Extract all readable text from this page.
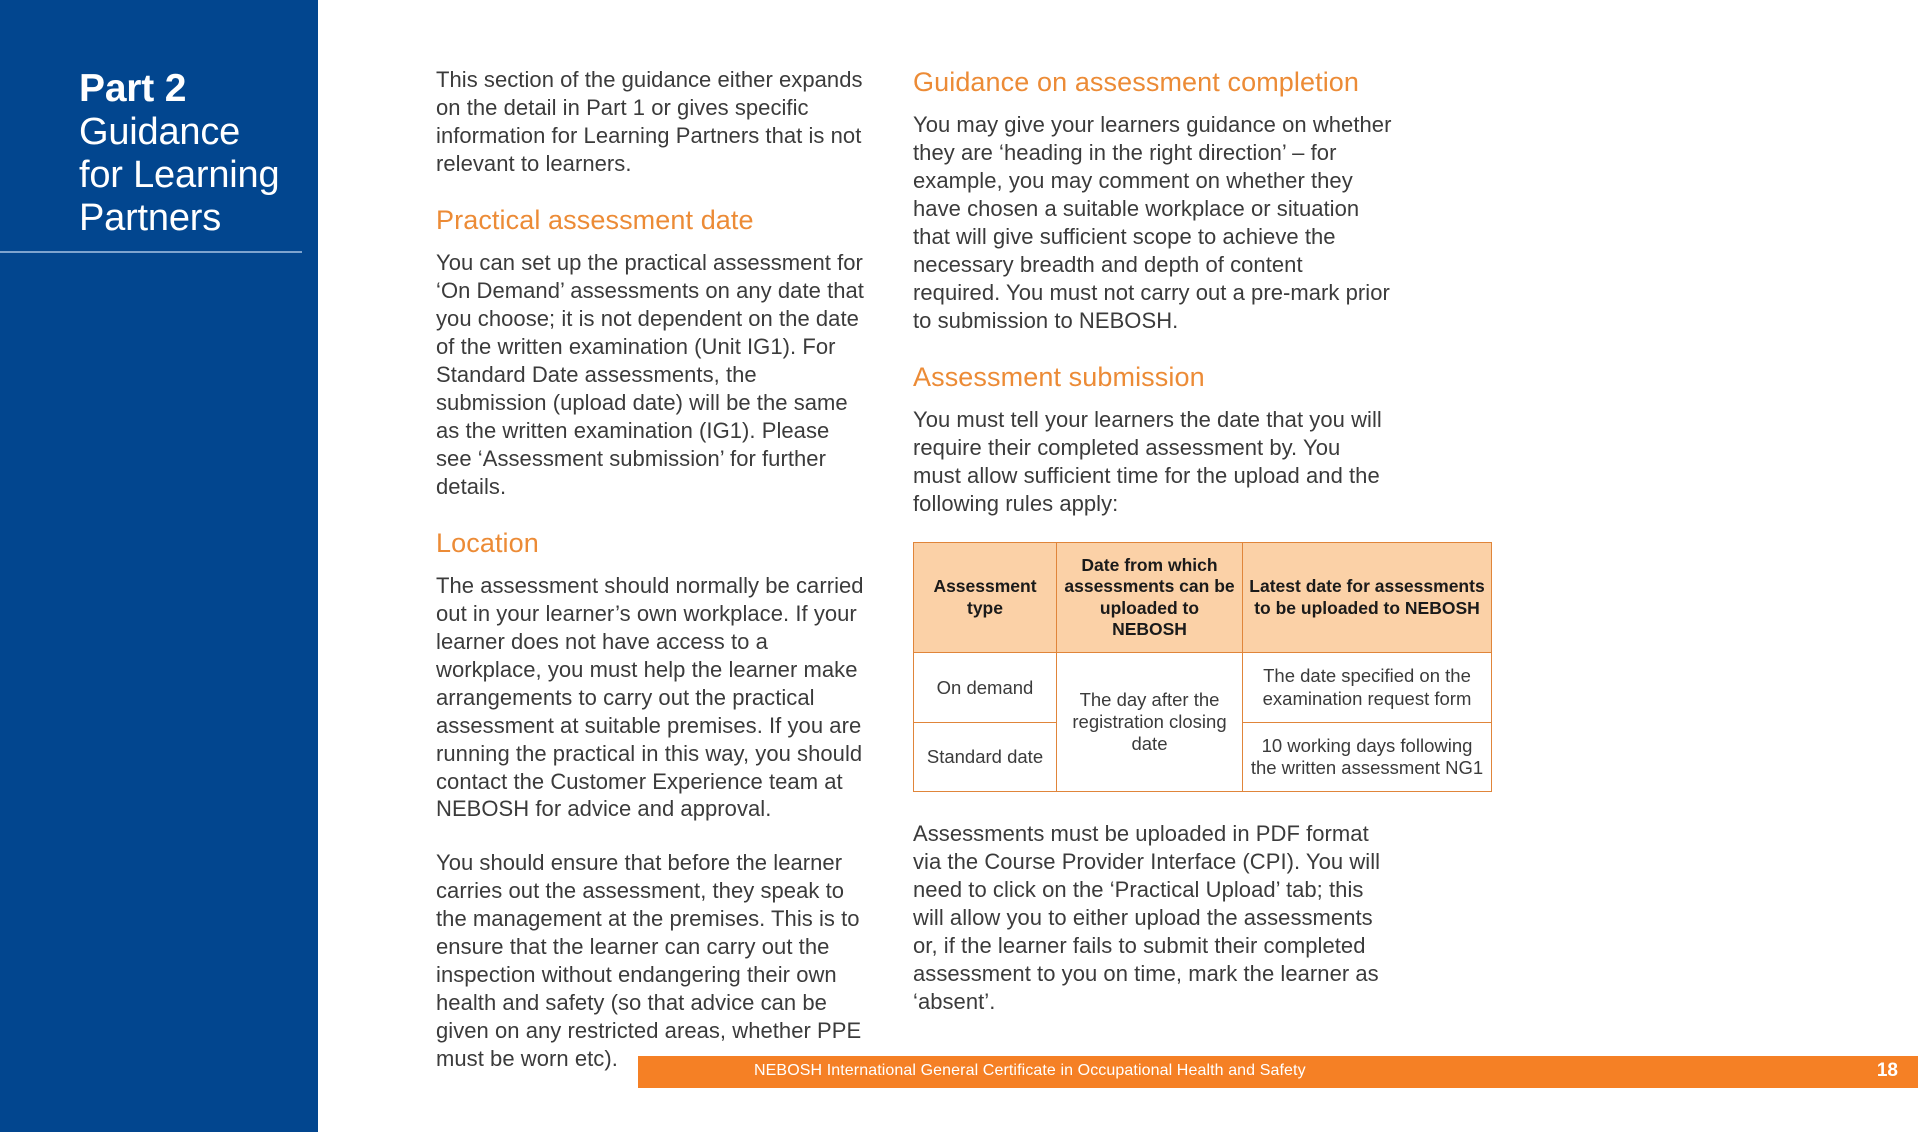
Part 2
Guidance
for Learning
Partners

This section of the guidance either expands on the detail in Part 1 or gives specific information for Learning Partners that is not relevant to learners.

Practical assessment date

You can set up the practical assessment for ‘On Demand’ assessments on any date that you choose; it is not dependent on the date of the written examination (Unit IG1). For Standard Date assessments, the submission (upload date) will be the same as the written examination (IG1). Please see ‘Assessment submission’ for further details.

Location

The assessment should normally be carried out in your learner’s own workplace. If your learner does not have access to a workplace, you must help the learner make arrangements to carry out the practical assessment at suitable premises. If you are running the practical in this way, you should contact the Customer Experience team at NEBOSH for advice and approval.

You should ensure that before the learner carries out the assessment, they speak to the management at the premises. This is to ensure that the learner can carry out the inspection without endangering their own health and safety (so that advice can be given on any restricted areas, whether PPE must be worn etc).

Guidance on assessment completion

You may give your learners guidance on whether they are ‘heading in the right direction’ – for example, you may comment on whether they have chosen a suitable workplace or situation that will give sufficient scope to achieve the necessary breadth and depth of content required. You must not carry out a pre-mark prior to submission to NEBOSH.

Assessment submission

You must tell your learners the date that you will require their completed assessment by. You must allow sufficient time for the upload and the following rules apply:

Assessment type	Date from which assessments can be uploaded to NEBOSH	Latest date for assessments to be uploaded to NEBOSH
On demand	The day after the registration closing date	The date specified on the examination request form
Standard date		10 working days following the written assessment NG1

Assessments must be uploaded in PDF format via the Course Provider Interface (CPI). You will need to click on the ‘Practical Upload’ tab; this will allow you to either upload the assessments or, if the learner fails to submit their completed assessment to you on time, mark the learner as ‘absent’.

NEBOSH International General Certificate in Occupational Health and Safety	18
